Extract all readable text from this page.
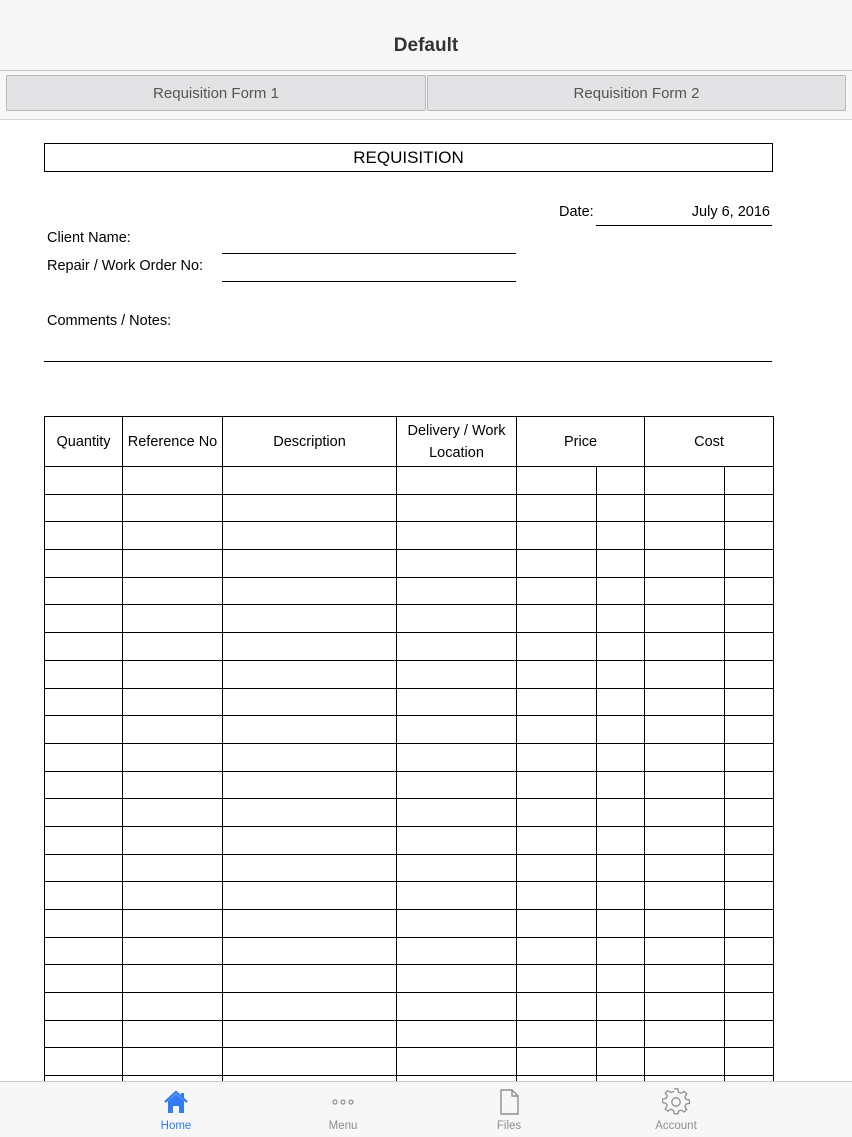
Default
Requisition Form 1	Requisition Form 2
REQUISITION
Date:	July 6, 2016
Client Name:
Repair / Work Order No:
Comments / Notes:
Quantity	Reference No	Description	Delivery / Work Location	Price		Cost	

Home	Menu	Files	Account
